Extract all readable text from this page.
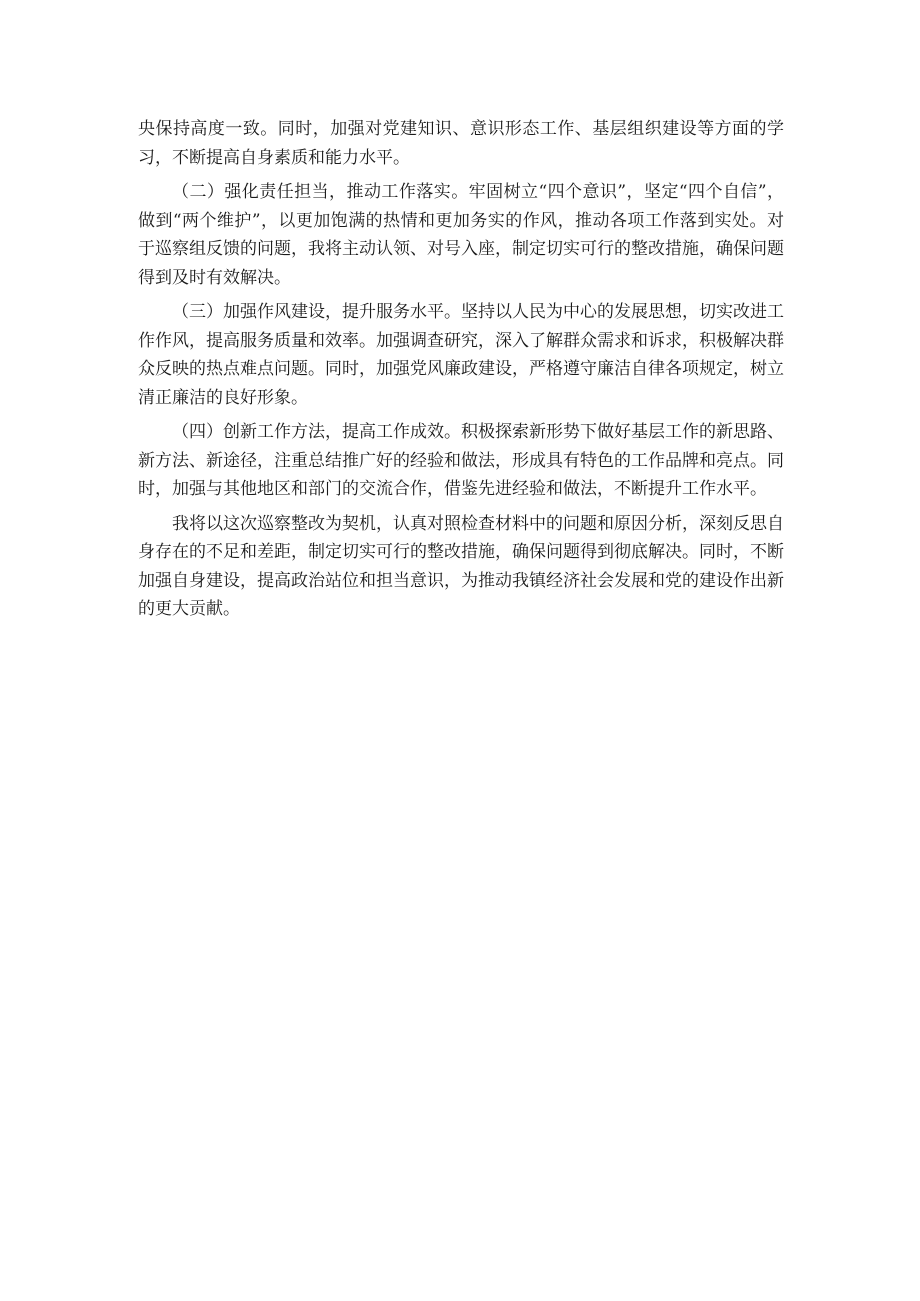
央保持高度一致。同时，加强对党建知识、意识形态工作、基层组织建设等方面的学习，不断提高自身素质和能力水平。

（二）强化责任担当，推动工作落实。牢固树立“四个意识”，坚定“四个自信”，做到“两个维护”，以更加饱满的热情和更加务实的作风，推动各项工作落到实处。对于巡察组反馈的问题，我将主动认领、对号入座，制定切实可行的整改措施，确保问题得到及时有效解决。

（三）加强作风建设，提升服务水平。坚持以人民为中心的发展思想，切实改进工作作风，提高服务质量和效率。加强调查研究，深入了解群众需求和诉求，积极解决群众反映的热点难点问题。同时，加强党风廉政建设，严格遵守廉洁自律各项规定，树立清正廉洁的良好形象。

（四）创新工作方法，提高工作成效。积极探索新形势下做好基层工作的新思路、新方法、新途径，注重总结推广好的经验和做法，形成具有特色的工作品牌和亮点。同时，加强与其他地区和部门的交流合作，借鉴先进经验和做法，不断提升工作水平。

我将以这次巡察整改为契机，认真对照检查材料中的问题和原因分析，深刻反思自身存在的不足和差距，制定切实可行的整改措施，确保问题得到彻底解决。同时，不断加强自身建设，提高政治站位和担当意识，为推动我镇经济社会发展和党的建设作出新的更大贡献。
